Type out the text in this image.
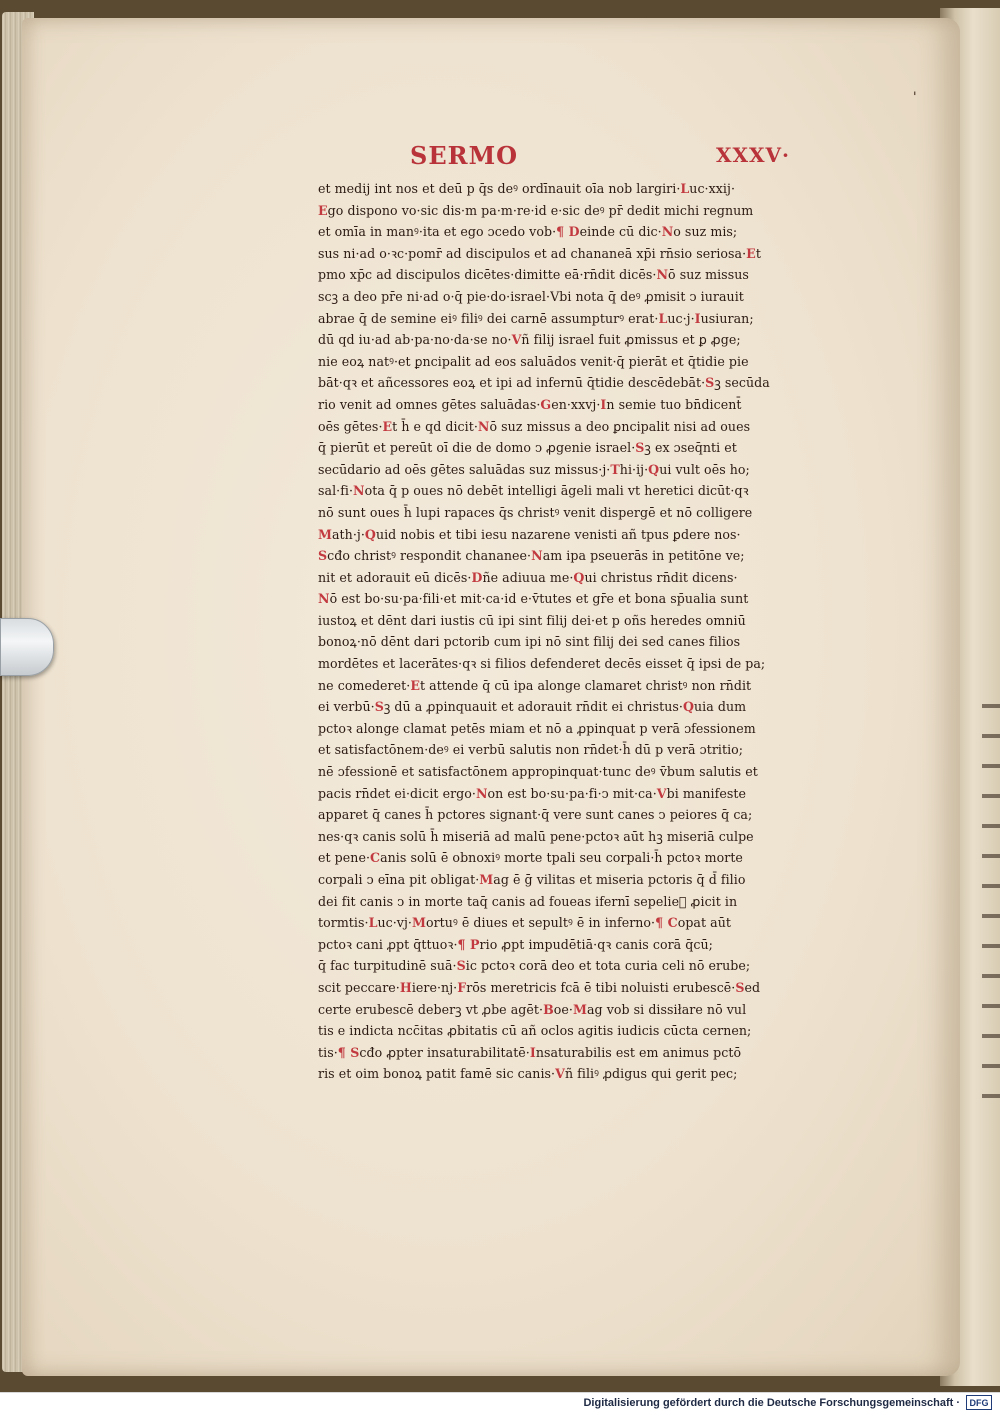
'
SERMO	XXXV·
et medij int nos et deū p q̄s deꝰ ordīnauit oīa nob largiri·Luc·xxij·
Ego dispono vo·sic dis·m pa·m·re·id e·sic deꝰ pr̄ dedit michi regnum
et omīa in manꝰ·ita et ego ɔcedo vob·¶ Deinde cū dic·No suz mis;
sus ni·ad o·ꝛc·pomr̄ ad discipulos et ad chananeā xp̄i rn̄sio seriosa·Et
pmo xp̄c ad discipulos dicētes·dimitte eā·rn̄dit dicēs·Nō suz missus
scꝫ a deo pr̄e ni·ad o·q̄ pie·do·israel·Vbi nota q̄ deꝰ ꝓmisit ↄ iurauit
abrae q̄ de semine eiꝰ filiꝰ dei carnē assumpturꝰ erat·Luc·j·Iusiuran;
dū qd iu·ad ab·pa·no·da·se no·Vñ filij israel fuit ꝓmissus et ꝑ ꝓge;
nie eoꝝ natꝰ·et ꝑncipalit ad eos saluādos venit·q̄ pierāt et q̄tidie pie
bāt·qꝛ et añcessores eoꝝ et ipi ad infernū q̄tidie descēdebāt·Sꝫ secūda
rio venit ad omnes gētes saluādas·Gen·xxvj·In semie tuo bn̄dicent̄
oēs gētes·Et h̄ e qd dicit·Nō suz missus a deo ꝑncipalit nisi ad oues
q̄ pierūt et pereūt oī die de domo ↄ ꝓgenie israel·Sꝫ ex ɔseq̄nti et
secūdario ad oēs gētes saluādas suz missus·j·Thi·ij·Qui vult oēs ho;
sal·fi·Nota q̄ p oues nō debēt intelligi āgeli mali vt heretici dicūt·qꝛ
nō sunt oues h̄ lupi rapaces q̄s christꝰ venit dispergē et nō colligere
Math·j·Quid nobis et tibi iesu nazarene venisti añ tpus ꝑdere nos·
Scđo christꝰ respondit chananee·Nam ipa pseuerās in petitōne ve;
nit et adorauit eū dicēs·Dñe adiuua me·Qui christus rn̄dit dicens·
Nō est bo·su·pa·fili·et mit·ca·id e·v̄tutes et gr̄e et bona sp̄ualia sunt
iustoꝝ et dēnt dari iustis cū ipi sint filij dei·et p oñs heredes omniū
bonoꝝ·nō dēnt dari pctorib cum ipi nō sint filij dei sed canes filios
mordētes et lacerātes·qꝛ si filios defenderet decēs eisset q̄ ipsi de pa;
ne comederet·Et attende q̄ cū ipa alonge clamaret christꝰ non rn̄dit
ei verbū·Sꝫ dū a ꝓpinquauit et adorauit rn̄dit ei christus·Quia dum
pctoꝛ alonge clamat petēs miam et nō a ꝓpinquat p verā ɔfessionem
et satisfactōnem·deꝰ ei verbū salutis non rn̄det·h̄ dū p verā ɔtritio;
nē ɔfessionē et satisfactōnem appropinquat·tunc deꝰ v̄bum salutis et
pacis rn̄det ei·dicit ergo·Non est bo·su·pa·fi·ↄ mit·ca·Vbi manifeste
apparet q̄ canes h̄ pctores signant·q̄ vere sunt canes ↄ peiores q̄ ca;
nes·qꝛ canis solū h̄ miseriā ad malū pene·pctoꝛ aūt hꝫ miseriā culpe
et pene·Canis solū ē obnoxiꝰ morte tpali seu corpali·h̄ pctoꝛ morte
corpali ↄ eīna pit obligat·Mag ē ḡ vilitas et miseria pctoris q̄ d̄ filio
dei fit canis ↄ in morte taq̄ canis ad foueas ifernī sepelieᷣ ꝓicit in
tormtis·Luc·vj·Mortuꝰ ē diues et sepultꝰ ē in inferno·¶ Copat aūt
pctoꝛ cani ꝓpt q̄ttuoꝛ·¶ Prio ꝓpt impudētiā·qꝛ canis corā q̄cū;
q̄ fac turpitudinē suā·Sic pctoꝛ corā deo et tota curia celi nō erube;
scit peccare·Hiere·nj·Frōs meretricis fcā ē tibi noluisti erubescē·Sed
certe erubescē deberꝫ vt ꝓbe agēt·Boe·Mag vob si dissiłare nō vul
tis e indicta ncc̄itas ꝓbitatis cū añ oclos agitis iudicis cūcta cernen;
tis·¶ Scđo ꝓpter insaturabilitatē·Insaturabilis est em animus pctō
ris et oim bonoꝝ patit famē sic canis·Vñ filiꝰ ꝓdigus qui gerit pec;
Digitalisierung gefördert durch die Deutsche Forschungsgemeinschaft ·	DFG
